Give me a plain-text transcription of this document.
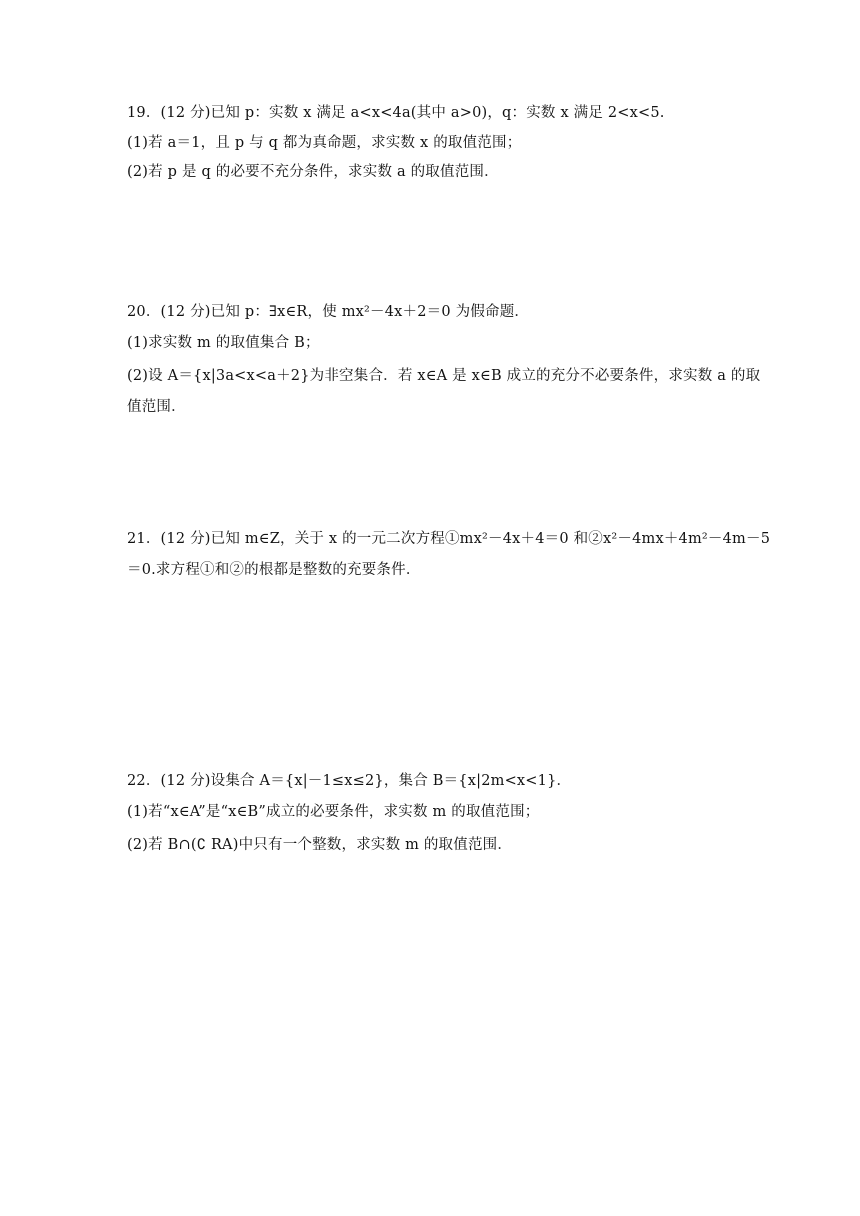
19．(12 分)已知 p：实数 x 满足 a<x<4a(其中 a>0)，q：实数 x 满足 2<x<5.
(1)若 a＝1，且 p 与 q 都为真命题，求实数 x 的取值范围；
(2)若 p 是 q 的必要不充分条件，求实数 a 的取值范围．
20．(12 分)已知 p：∃x∈R，使 mx²－4x＋2＝0 为假命题．
(1)求实数 m 的取值集合 B；
(2)设 A＝{x|3a<x<a＋2}为非空集合．若 x∈A 是 x∈B 成立的充分不必要条件，求实数 a 的取
值范围．
21．(12 分)已知 m∈Z，关于 x 的一元二次方程①mx²－4x＋4＝0 和②x²－4mx＋4m²－4m－5
＝0.求方程①和②的根都是整数的充要条件．
22．(12 分)设集合 A＝{x|－1≤x≤2}，集合 B＝{x|2m<x<1}．
(1)若“x∈A”是“x∈B”成立的必要条件，求实数 m 的取值范围；
(2)若 B∩(∁ RA)中只有一个整数，求实数 m 的取值范围．
